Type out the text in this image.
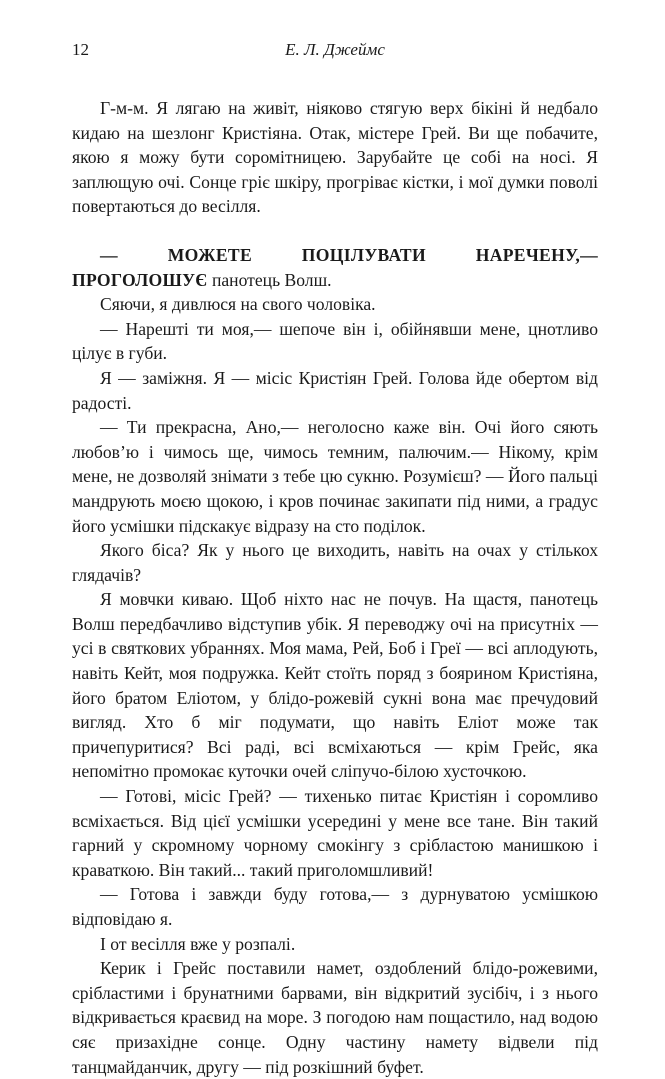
12	Е. Л. Джеймс

Г-м-м. Я лягаю на живіт, ніяково стягую верх бікіні й недбало кидаю на шезлонг Кристіяна. Отак, містере Грей. Ви ще побачите, якою я можу бути соромітницею. Зарубайте це собі на носі. Я заплющую очі. Сонце гріє шкіру, прогріває кістки, і мої думки поволі повертаються до весілля.

— МОЖЕТЕ ПОЦІЛУВАТИ НАРЕЧЕНУ,— ПРОГОЛОШУЄ панотець Волш.

Сяючи, я дивлюся на свого чоловіка.

— Нарешті ти моя,— шепоче він і, обійнявши мене, цнотливо цілує в губи.

Я — заміжня. Я — місіс Кристіян Грей. Голова йде обертом від радості.

— Ти прекрасна, Ано,— неголосно каже він. Очі його сяють любов’ю і чимось ще, чимось темним, палючим.— Нікому, крім мене, не дозволяй знімати з тебе цю сукню. Розумієш? — Його пальці мандрують моєю щокою, і кров починає закипати під ними, а градус його усмішки підскакує відразу на сто поділок.

Якого біса? Як у нього це виходить, навіть на очах у стількох глядачів?

Я мовчки киваю. Щоб ніхто нас не почув. На щастя, панотець Волш передбачливо відступив убік. Я переводжу очі на присутніх — усі в святкових убраннях. Моя мама, Рей, Боб і Греї — всі аплодують, навіть Кейт, моя подружка. Кейт стоїть поряд з боярином Кристіяна, його братом Еліотом, у блідо-рожевій сукні вона має пречудовий вигляд. Хто б міг подумати, що навіть Еліот може так причепуритися? Всі раді, всі всміхаються — крім Грейс, яка непомітно промокає куточки очей сліпучо-білою хусточкою.

— Готові, місіс Грей? — тихенько питає Кристіян і соромливо всміхається. Від цієї усмішки усередині у мене все тане. Він такий гарний у скромному чорному смокінгу з срібластою манишкою і краваткою. Він такий... такий приголомшливий!

— Готова і завжди буду готова,— з дурнуватою усмішкою відповідаю я.

І от весілля вже у розпалі.

Керик і Грейс поставили намет, оздоблений блідо-рожевими, срібластими і брунатними барвами, він відкритий зусібіч, і з нього відкривається краєвид на море. З погодою нам пощастило, над водою сяє призахідне сонце. Одну частину намету відвели під танцмайданчик, другу — під розкішний буфет.
